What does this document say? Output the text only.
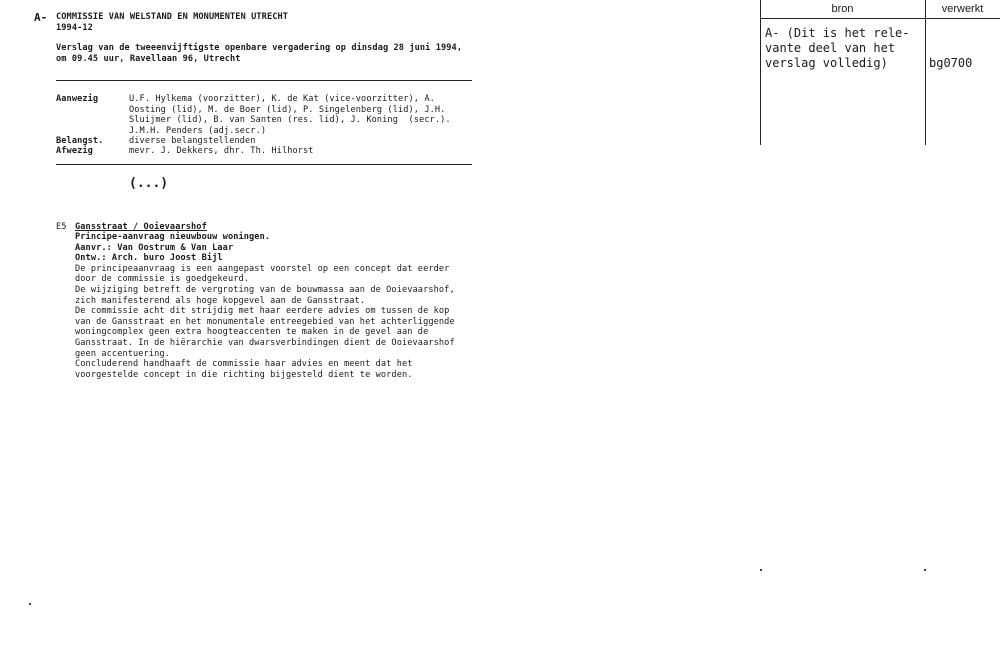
A- COMMISSIE VAN WELSTAND EN MONUMENTEN UTRECHT
1994-12
Verslag van de tweeenvijftigste openbare vergadering op dinsdag 28 juni 1994,
om 09.45 uur, Ravellaan 96, Utrecht
Aanwezig	U.F. Hylkema (voorzitter), K. de Kat (vice-voorzitter), A.
Oosting (lid), M. de Boer (lid), P. Singelenberg (lid), J.H.
Sluijmer (lid), B. van Santen (res. lid), J. Koning  (secr.).
J.M.H. Penders (adj.secr.)
Belangst.	diverse belangstellenden
Afwezig	mevr. J. Dekkers, dhr. Th. Hilhorst
(...)
E5 Gansstraat / Ooievaarshof
Principe-aanvraag nieuwbouw woningen.
Aanvr.: Van Oostrum & Van Laar
Ontw.: Arch. buro Joost Bijl
De principeaanvraag is een aangepast voorstel op een concept dat eerder
door de commissie is goedgekeurd.
De wijziging betreft de vergroting van de bouwmassa aan de Ooievaarshof,
zich manifesterend als hoge kopgevel aan de Gansstraat.
De commissie acht dit strijdig met haar eerdere advies om tussen de kop
van de Gansstraat en het monumentale entreegebied van het achterliggende
woningcomplex geen extra hoogteaccenten te maken in de gevel aan de
Gansstraat. In de hiërarchie van dwarsverbindingen dient de Ooievaarshof
geen accentuering.
Concluderend handhaaft de commissie haar advies en meent dat het
voorgestelde concept in die richting bijgesteld dient te worden.
bron	verwerkt
A- (Dit is het rele-
vante deel van het
verslag volledig)	bg0700
